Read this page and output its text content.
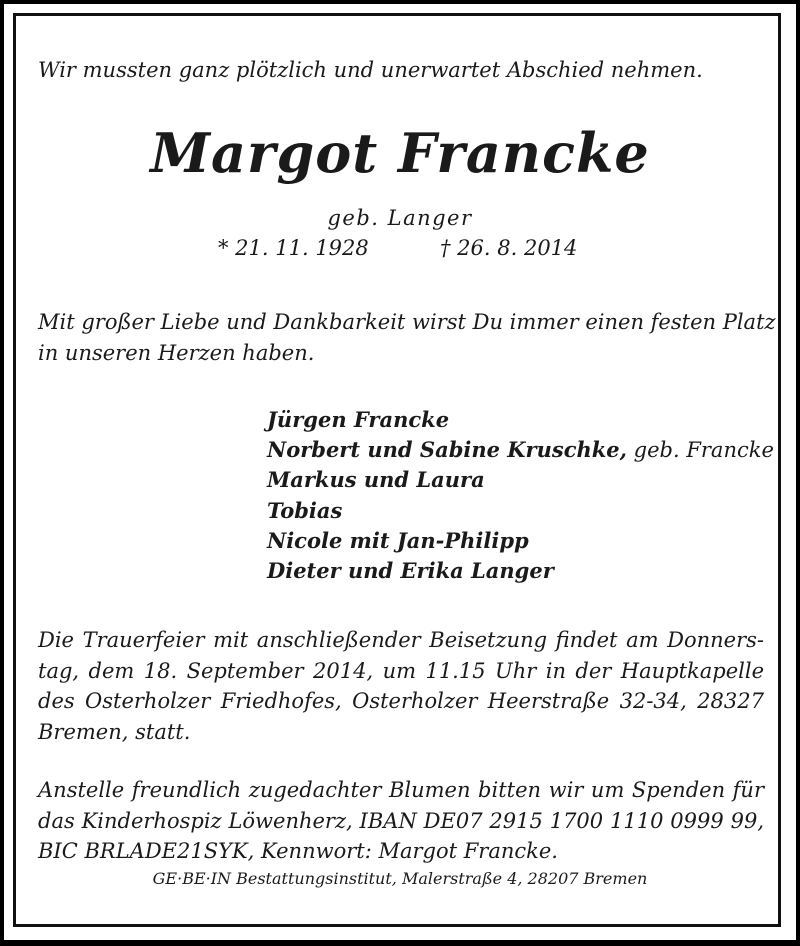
Wir mussten ganz plötzlich und unerwartet Abschied nehmen.
Margot Francke
geb. Langer
* 21. 11. 1928	† 26. 8. 2014
Mit großer Liebe und Dankbarkeit wirst Du immer einen festen Platz
in unseren Herzen haben.
Jürgen Francke
Norbert und Sabine Kruschke, geb. Francke
Markus und Laura
Tobias
Nicole mit Jan-Philipp
Dieter und Erika Langer
Die Trauerfeier mit anschließender Beisetzung findet am Donners-
tag, dem 18. September 2014, um 11.15 Uhr in der Hauptkapelle
des Osterholzer Friedhofes, Osterholzer Heerstraße 32-34, 28327
Bremen, statt.
Anstelle freundlich zugedachter Blumen bitten wir um Spenden für
das Kinderhospiz Löwenherz, IBAN DE07 2915 1700 1110 0999 99,
BIC BRLADE21SYK, Kennwort: Margot Francke.
GE·BE·IN Bestattungsinstitut, Malerstraße 4, 28207 Bremen
